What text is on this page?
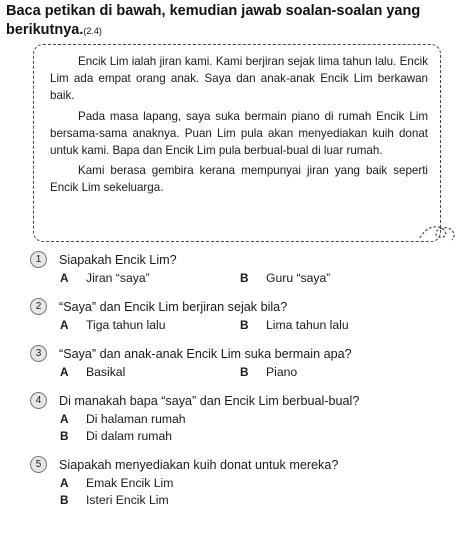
Baca petikan di bawah, kemudian jawab soalan-soalan yang berikutnya.(2.4)

Encik Lim ialah jiran kami. Kami berjiran sejak lima tahun lalu. Encik Lim ada empat orang anak. Saya dan anak-anak Encik Lim berkawan baik.

Pada masa lapang, saya suka bermain piano di rumah Encik Lim bersama-sama anaknya. Puan Lim pula akan menyediakan kuih donat untuk kami. Bapa dan Encik Lim pula berbual-bual di luar rumah.

Kami berasa gembira kerana mempunyai jiran yang baik seperti Encik Lim sekeluarga.

1	Siapakah Encik Lim?
A	Jiran “saya”	B	Guru “saya”
2	“Saya” dan Encik Lim berjiran sejak bila?
A	Tiga tahun lalu	B	Lima tahun lalu
3	“Saya” dan anak-anak Encik Lim suka bermain apa?
A	Basikal	B	Piano
4	Di manakah bapa “saya” dan Encik Lim berbual-bual?
A	Di halaman rumah
B	Di dalam rumah
5	Siapakah menyediakan kuih donat untuk mereka?
A	Emak Encik Lim
B	Isteri Encik Lim
